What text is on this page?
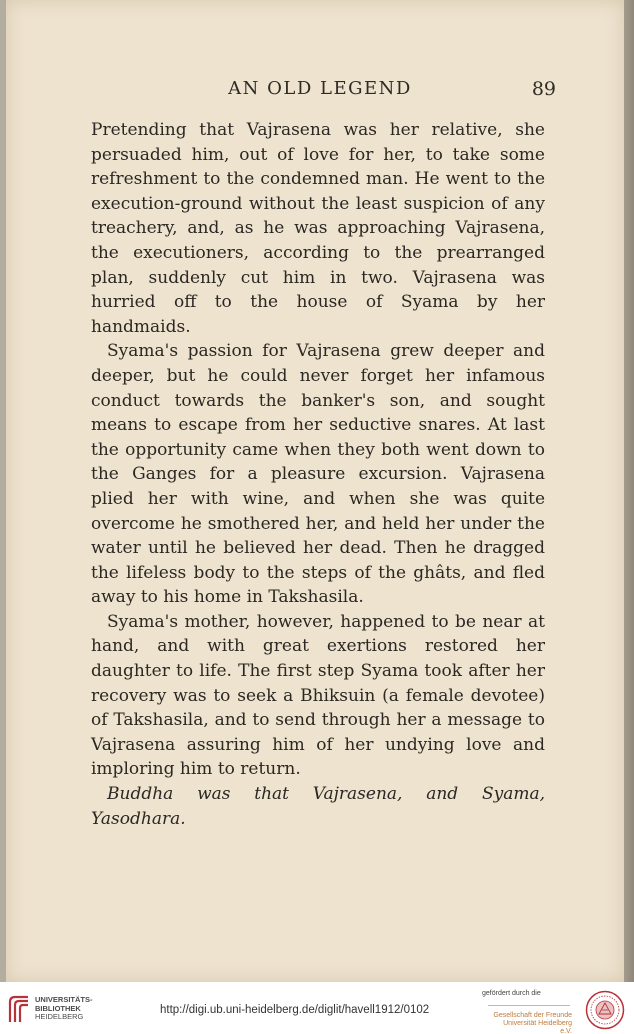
AN OLD LEGEND	89

Pretending that Vajrasena was her relative, she persuaded him, out of love for her, to take some refreshment to the condemned man. He went to the execution-ground without the least suspicion of any treachery, and, as he was approaching Vajrasena, the executioners, according to the prearranged plan, suddenly cut him in two. Vajrasena was hurried off to the house of Syama by her handmaids.

Syama's passion for Vajrasena grew deeper and deeper, but he could never forget her infamous conduct towards the banker's son, and sought means to escape from her seductive snares. At last the opportunity came when they both went down to the Ganges for a pleasure excursion. Vajrasena plied her with wine, and when she was quite overcome he smothered her, and held her under the water until he believed her dead. Then he dragged the lifeless body to the steps of the ghâts, and fled away to his home in Takshasila.

Syama's mother, however, happened to be near at hand, and with great exertions restored her daughter to life. The first step Syama took after her recovery was to seek a Bhiksuin (a female devotee) of Takshasila, and to send through her a message to Vajrasena assuring him of her undying love and imploring him to return.

Buddha was that Vajrasena, and Syama, Yasodhara.

UNIVERSITÄTS-
BIBLIOTHEK
HEIDELBERG
http://digi.ub.uni-heidelberg.de/diglit/havell1912/0102
gefördert durch die
Gesellschaft der Freunde
Universität Heidelberg e.V.
